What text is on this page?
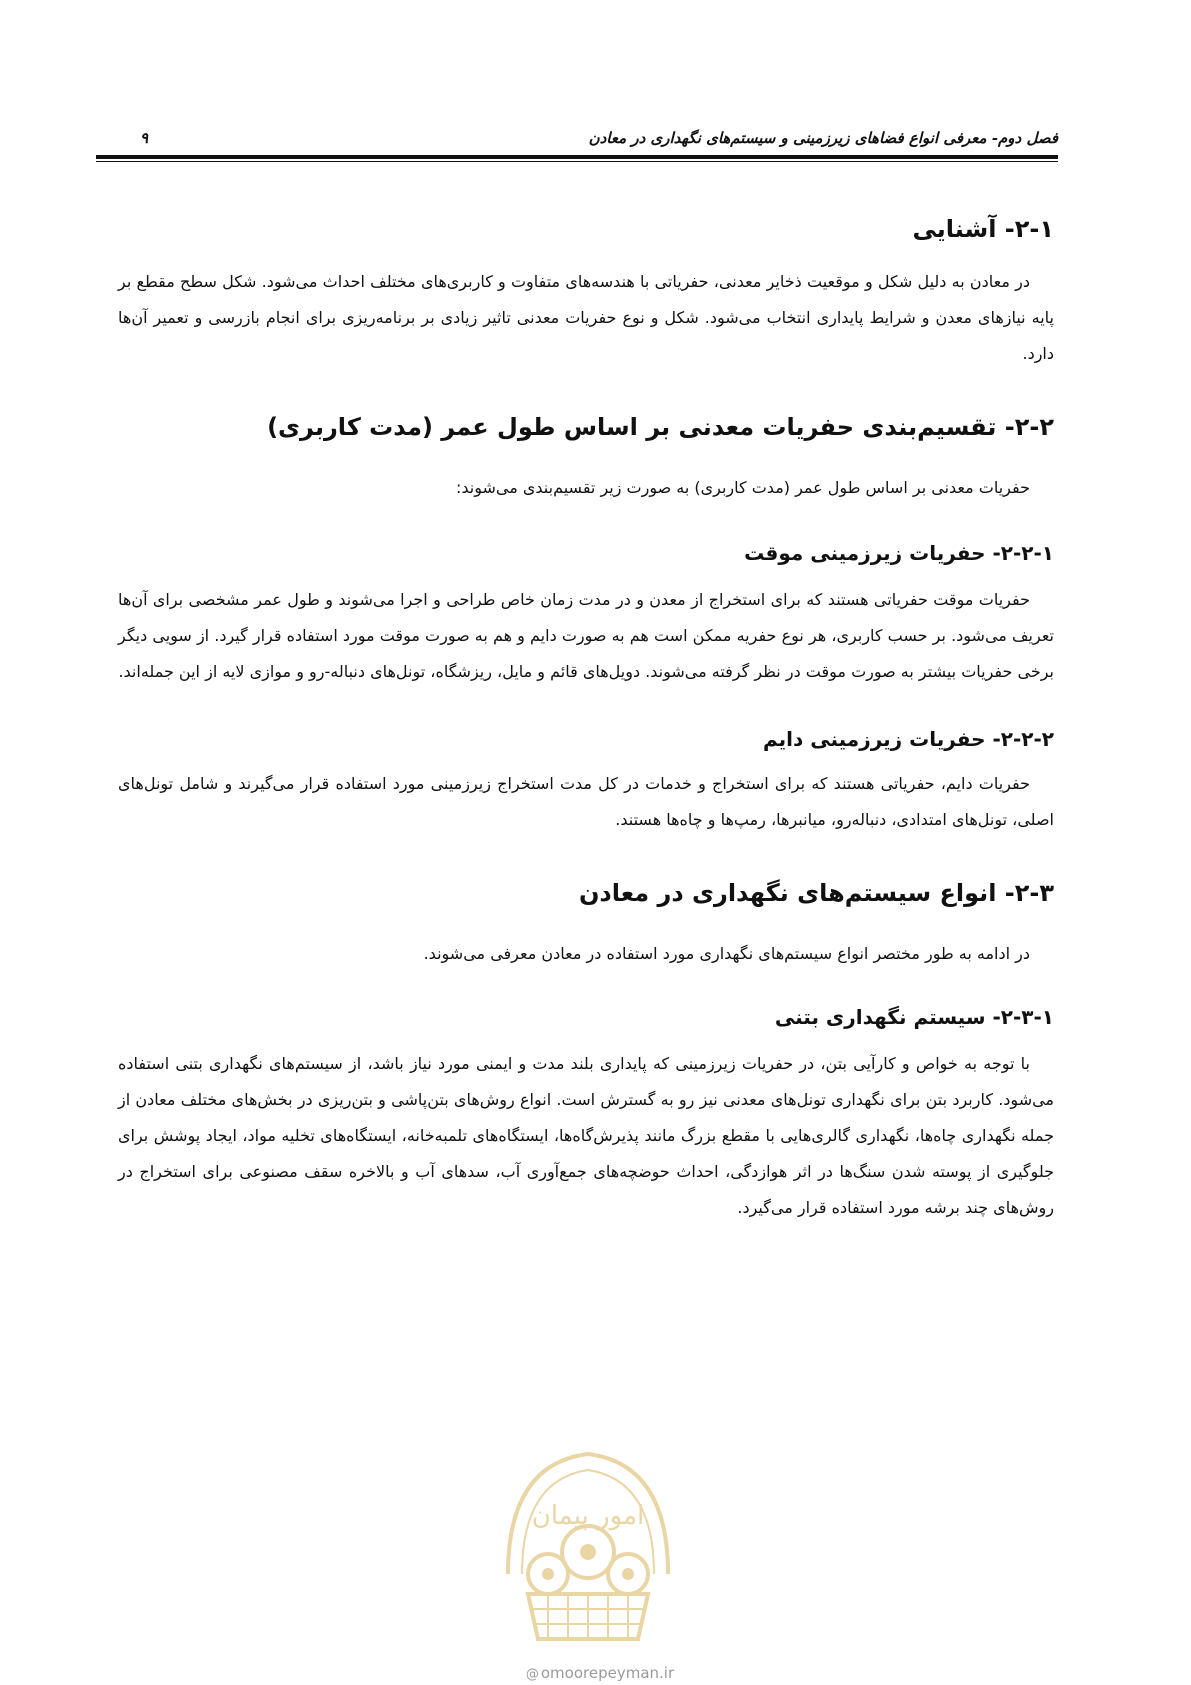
فصل دوم- معرفی انواع فضاهای زیرزمینی و سیستم‌های نگهداری در معادن
۹
۲-۱- آشنایی

در معادن به دلیل شکل و موقعیت ذخایر معدنی، حفریاتی با هندسه‌های متفاوت و کاربری‌های مختلف احداث می‌شود. شکل سطح مقطع بر پایه نیازهای معدن و شرایط پایداری انتخاب می‌شود. شکل و نوع حفریات معدنی تاثیر زیادی بر برنامه‌ریزی برای انجام بازرسی و تعمیر آن‌ها دارد.

۲-۲- تقسیم‌بندی حفریات معدنی بر اساس طول عمر (مدت کاربری)

حفریات معدنی بر اساس طول عمر (مدت کاربری) به صورت زیر تقسیم‌بندی می‌شوند:

۲-۲-۱- حفریات زیرزمینی موقت

حفریات موقت حفریاتی هستند که برای استخراج از معدن و در مدت زمان خاص طراحی و اجرا می‌شوند و طول عمر مشخصی برای آن‌ها تعریف می‌شود. بر حسب کاربری، هر نوع حفریه ممکن است هم به صورت دایم و هم به صورت موقت مورد استفاده قرار گیرد. از سویی دیگر برخی حفریات بیشتر به صورت موقت در نظر گرفته می‌شوند. دویل‌های قائم و مایل، ریزشگاه، تونل‌های دنباله-رو و موازی لایه از این جمله‌اند.

۲-۲-۲- حفریات زیرزمینی دایم

حفریات دایم، حفریاتی هستند که برای استخراج و خدمات در کل مدت استخراج زیرزمینی مورد استفاده قرار می‌گیرند و شامل تونل‌های اصلی، تونل‌های امتدادی، دنباله‌رو، میانبرها، رمپ‌ها و چاه‌ها هستند.

۲-۳- انواع سیستم‌های نگهداری در معادن

در ادامه به طور مختصر انواع سیستم‌های نگهداری مورد استفاده در معادن معرفی می‌شوند.

۲-۳-۱- سیستم نگهداری بتنی

با توجه به خواص و کارآیی بتن، در حفریات زیرزمینی که پایداری بلند مدت و ایمنی مورد نیاز باشد، از سیستم‌های نگهداری بتنی استفاده می‌شود. کاربرد بتن برای نگهداری تونل‌های معدنی نیز رو به گسترش است. انواع روش‌های بتن‌پاشی و بتن‌ریزی در بخش‌های مختلف معادن از جمله نگهداری چاه‌ها، نگهداری گالری‌هایی با مقطع بزرگ مانند پذیرش‌گاه‌ها، ایستگاه‌های تلمبه‌خانه، ایستگاه‌های تخلیه مواد، ایجاد پوشش برای جلوگیری از پوسته شدن سنگ‌ها در اثر هوازدگی، احداث حوضچه‌های جمع‌آوری آب، سدهای آب و بالاخره سقف مصنوعی برای استخراج در روش‌های چند برشه مورد استفاده قرار می‌گیرد.

امور پیمان
@ omoorepeyman.ir
